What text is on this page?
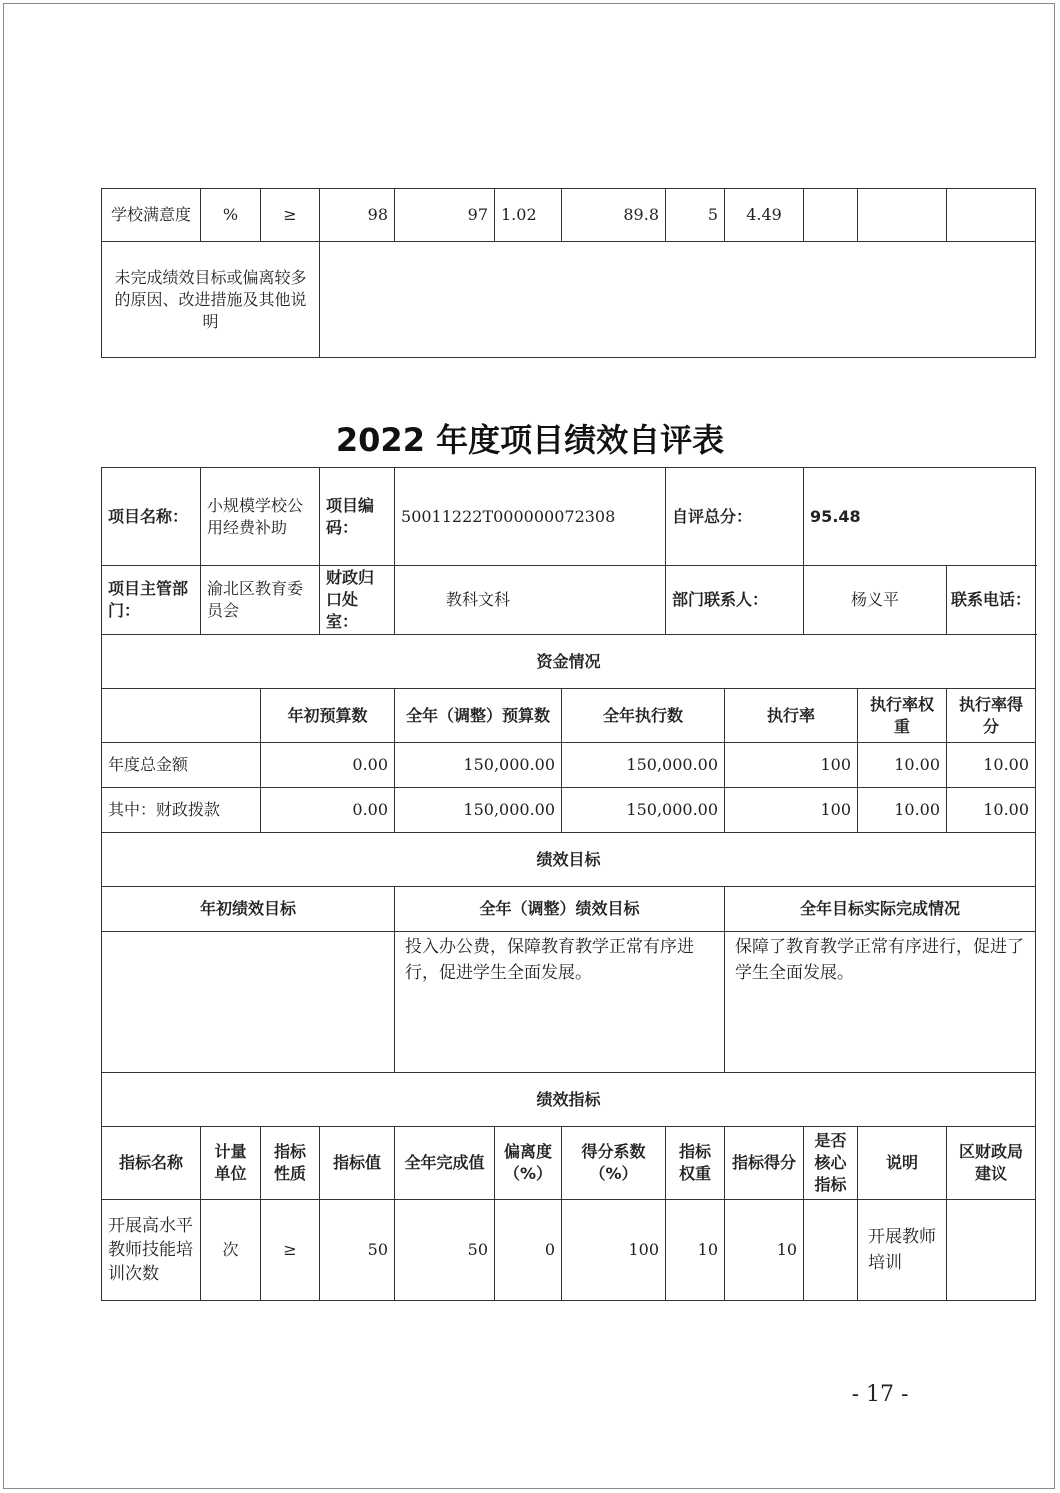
学校满意度	%	≥	98	97	1.02	89.8	5	4.49			
未完成绩效目标或偏离较多的原因、改进措施及其他说明											
2022 年度项目绩效自评表
项目名称：	小规模学校公用经费补助		项目编码：	50011222T000000072308			自评总分：		95.48			
项目主管部门：	渝北区教育委员会		财政归口处室：	教科文科			部门联系人：		杨义平		联系电话：	
资金情况												
		年初预算数		全年（调整）预算数		全年执行数		执行率		执行率权重	执行率得分	
年度总金额		0.00		150,000.00		150,000.00		100		10.00	10.00	
其中：财政拨款		0.00		150,000.00		150,000.00		100		10.00	10.00	
绩效目标												
年初绩效目标				全年（调整）绩效目标				全年目标实际完成情况				
				投入办公费，保障教育教学正常有序进行，促进学生全面发展。				保障了教育教学正常有序进行，促进了学生全面发展。				
绩效指标												
指标名称	计量单位	指标性质	指标值	全年完成值	偏离度（%）	得分系数（%）	指标权重	指标得分	是否核心指标	说明	区财政局建议	
开展高水平教师技能培训次数	次	≥	50	50	0	100	10	10		开展教师培训		
- 17 -
